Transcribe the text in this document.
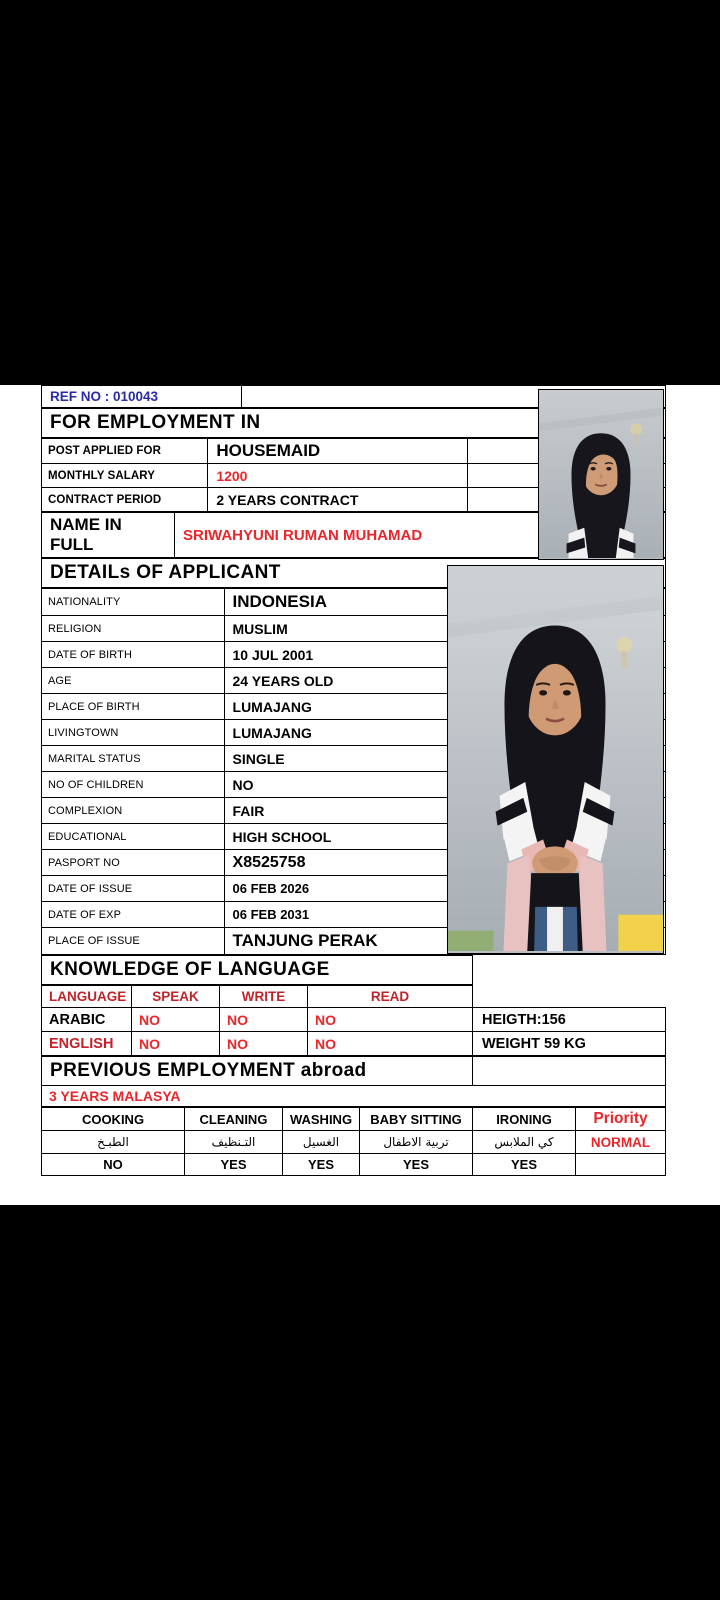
REF NO : 010043	
FOR EMPLOYMENT IN
POST APPLIED FOR	HOUSEMAID	
MONTHLY SALARY	1200	
CONTRACT PERIOD	2 YEARS CONTRACT	
NAME IN FULL	SRIWAHYUNI RUMAN MUHAMAD
DETAILs OF APPLICANT
NATIONALITY	INDONESIA	
RELIGION	MUSLIM	
DATE OF BIRTH	10 JUL 2001	
AGE	24 YEARS OLD	
PLACE OF BIRTH	LUMAJANG	
LIVINGTOWN	LUMAJANG	
MARITAL STATUS	SINGLE	
NO OF CHILDREN	NO	
COMPLEXION	FAIR	
EDUCATIONAL	HIGH SCHOOL	
PASPORT NO	X8525758	
DATE OF ISSUE	06 FEB 2026	
DATE OF EXP	06 FEB 2031	
PLACE OF ISSUE	TANJUNG PERAK	
KNOWLEDGE OF LANGUAGE	
LANGUAGE	SPEAK	WRITE	READ	
ARABIC	NO	NO	NO	HEIGTH:156
ENGLISH	NO	NO	NO	WEIGHT 59 KG
PREVIOUS EMPLOYMENT abroad	
3 YEARS MALASYA
COOKING	CLEANING	WASHING	BABY SITTING	IRONING	Priority
الطبـخ	التـنظيف	الغسيل	تربية الاطفال	كي الملابس	NORMAL
NO	YES	YES	YES	YES	
